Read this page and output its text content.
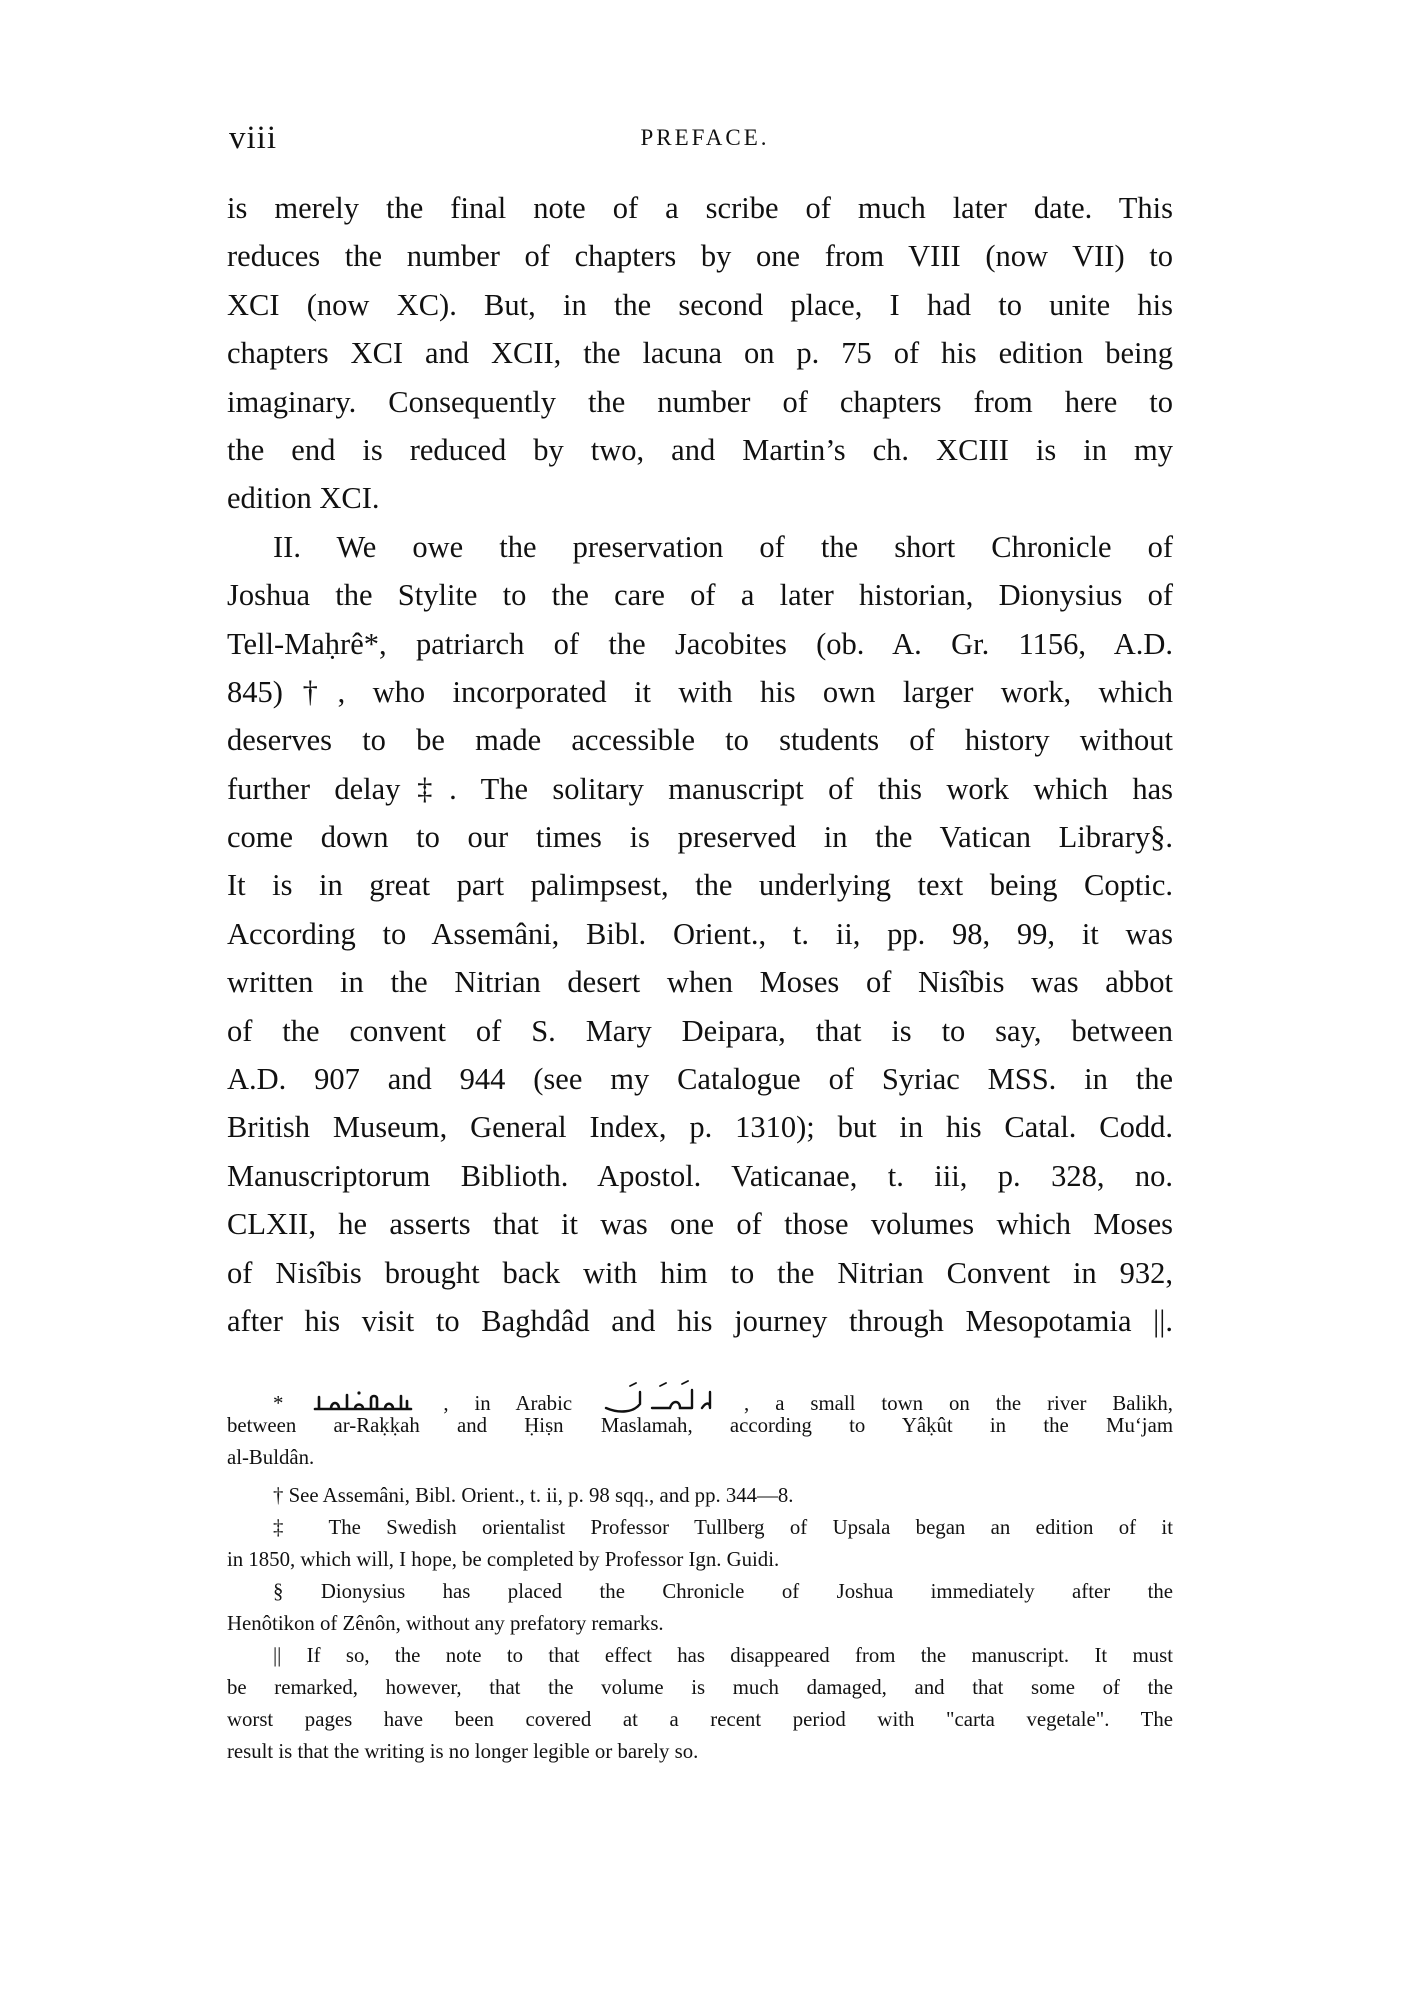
viii	PREFACE.
is merely the final note of a scribe of much later date. This
reduces the number of chapters by one from VIII (now VII) to
XCI (now XC). But, in the second place, I had to unite his
chapters XCI and XCII, the lacuna on p. 75 of his edition being
imaginary. Consequently the number of chapters from here to
the end is reduced by two, and Martin’s ch. XCIII is in my
edition XCI.
II. We owe the preservation of the short Chronicle of
Joshua the Stylite to the care of a later historian, Dionysius of
Tell-Maḥrê*, patriarch of the Jacobites (ob. A. Gr. 1156, A.D.
845)†, who incorporated it with his own larger work, which
deserves to be made accessible to students of history without
further delay‡. The solitary manuscript of this work which has
come down to our times is preserved in the Vatican Library§.
It is in great part palimpsest, the underlying text being Coptic.
According to Assemâni, Bibl. Orient., t. ii, pp. 98, 99, it was
written in the Nitrian desert when Moses of Nisîbis was abbot
of the convent of S. Mary Deipara, that is to say, between
A.D. 907 and 944 (see my Catalogue of Syriac MSS. in the
British Museum, General Index, p. 1310); but in his Catal. Codd.
Manuscriptorum Biblioth. Apostol. Vaticanae, t. iii, p. 328, no.
CLXII, he asserts that it was one of those volumes which Moses
of Nisîbis brought back with him to the Nitrian Convent in 932,
after his visit to Baghdâd and his journey through Mesopotamia ||.
*	, in Arabic	, a small town on the river Balikh,
between ar-Raḳḳah and Ḥiṣn Maslamah, according to Yâḳût in the Mu‘jam
al-Buldân.
† See Assemâni, Bibl. Orient., t. ii, p. 98 sqq., and pp. 344—8.
‡ The Swedish orientalist Professor Tullberg of Upsala began an edition of it
in 1850, which will, I hope, be completed by Professor Ign. Guidi.
§ Dionysius has placed the Chronicle of Joshua immediately after the
Henôtikon of Zênôn, without any prefatory remarks.
|| If so, the note to that effect has disappeared from the manuscript. It must
be remarked, however, that the volume is much damaged, and that some of the
worst pages have been covered at a recent period with "carta vegetale". The
result is that the writing is no longer legible or barely so.
